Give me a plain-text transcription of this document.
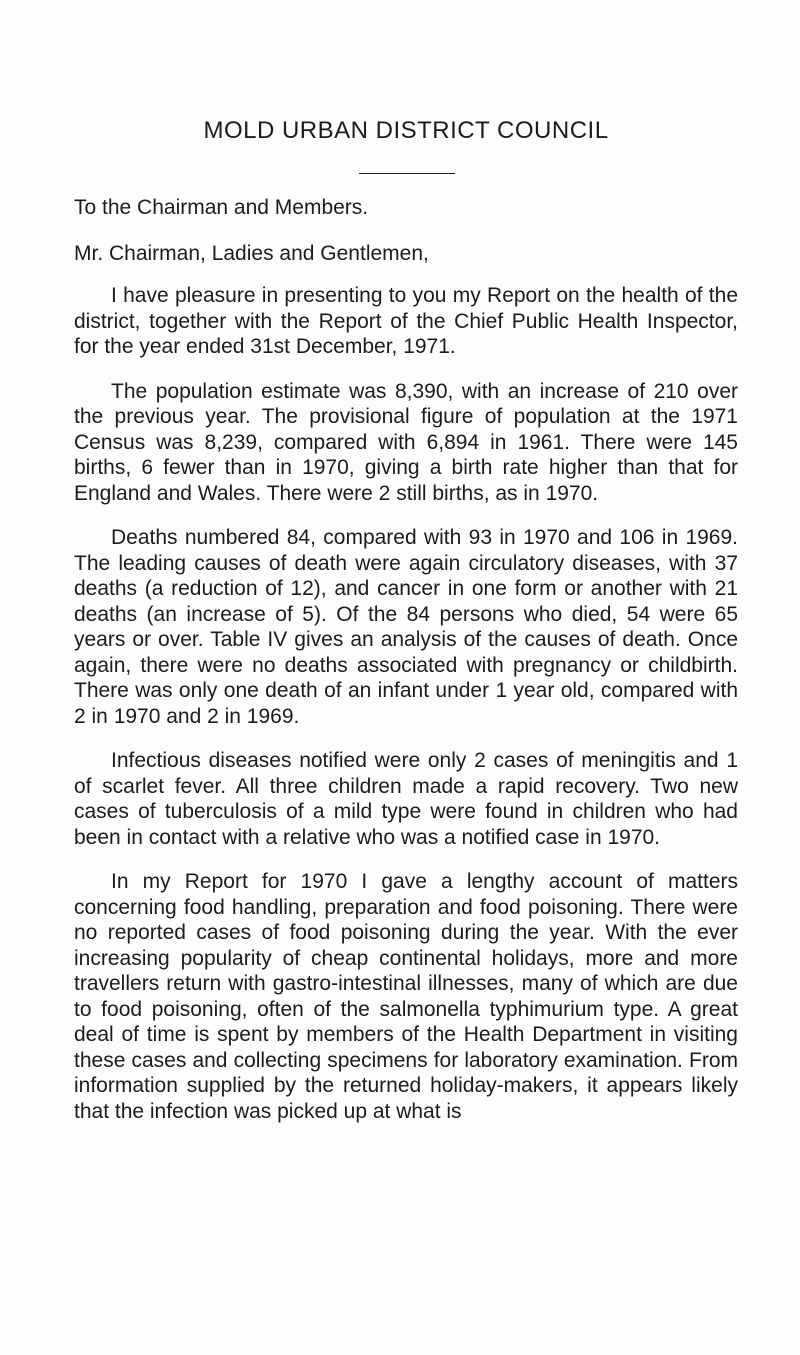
MOLD URBAN DISTRICT COUNCIL

To the Chairman and Members.

Mr. Chairman, Ladies and Gentlemen,

I have pleasure in presenting to you my Report on the health of the district, together with the Report of the Chief Public Health Inspector, for the year ended 31st December, 1971.

The population estimate was 8,390, with an increase of 210 over the previous year. The provisional figure of population at the 1971 Census was 8,239, compared with 6,894 in 1961. There were 145 births, 6 fewer than in 1970, giving a birth rate higher than that for England and Wales. There were 2 still births, as in 1970.

Deaths numbered 84, compared with 93 in 1970 and 106 in 1969. The leading causes of death were again circulatory diseases, with 37 deaths (a reduction of 12), and cancer in one form or another with 21 deaths (an increase of 5). Of the 84 persons who died, 54 were 65 years or over. Table IV gives an analysis of the causes of death. Once again, there were no deaths associated with pregnancy or childbirth. There was only one death of an infant under 1 year old, compared with 2 in 1970 and 2 in 1969.

Infectious diseases notified were only 2 cases of meningitis and 1 of scarlet fever. All three children made a rapid recovery. Two new cases of tuberculosis of a mild type were found in children who had been in contact with a relative who was a notified case in 1970.

In my Report for 1970 I gave a lengthy account of matters concerning food handling, preparation and food poisoning. There were no reported cases of food poisoning during the year. With the ever increasing popularity of cheap continental holidays, more and more travellers return with gastro-intestinal illnesses, many of which are due to food poisoning, often of the salmonella typhimurium type. A great deal of time is spent by members of the Health Department in visiting these cases and collecting specimens for laboratory examination. From information supplied by the returned holiday-makers, it appears likely that the infection was picked up at what is
